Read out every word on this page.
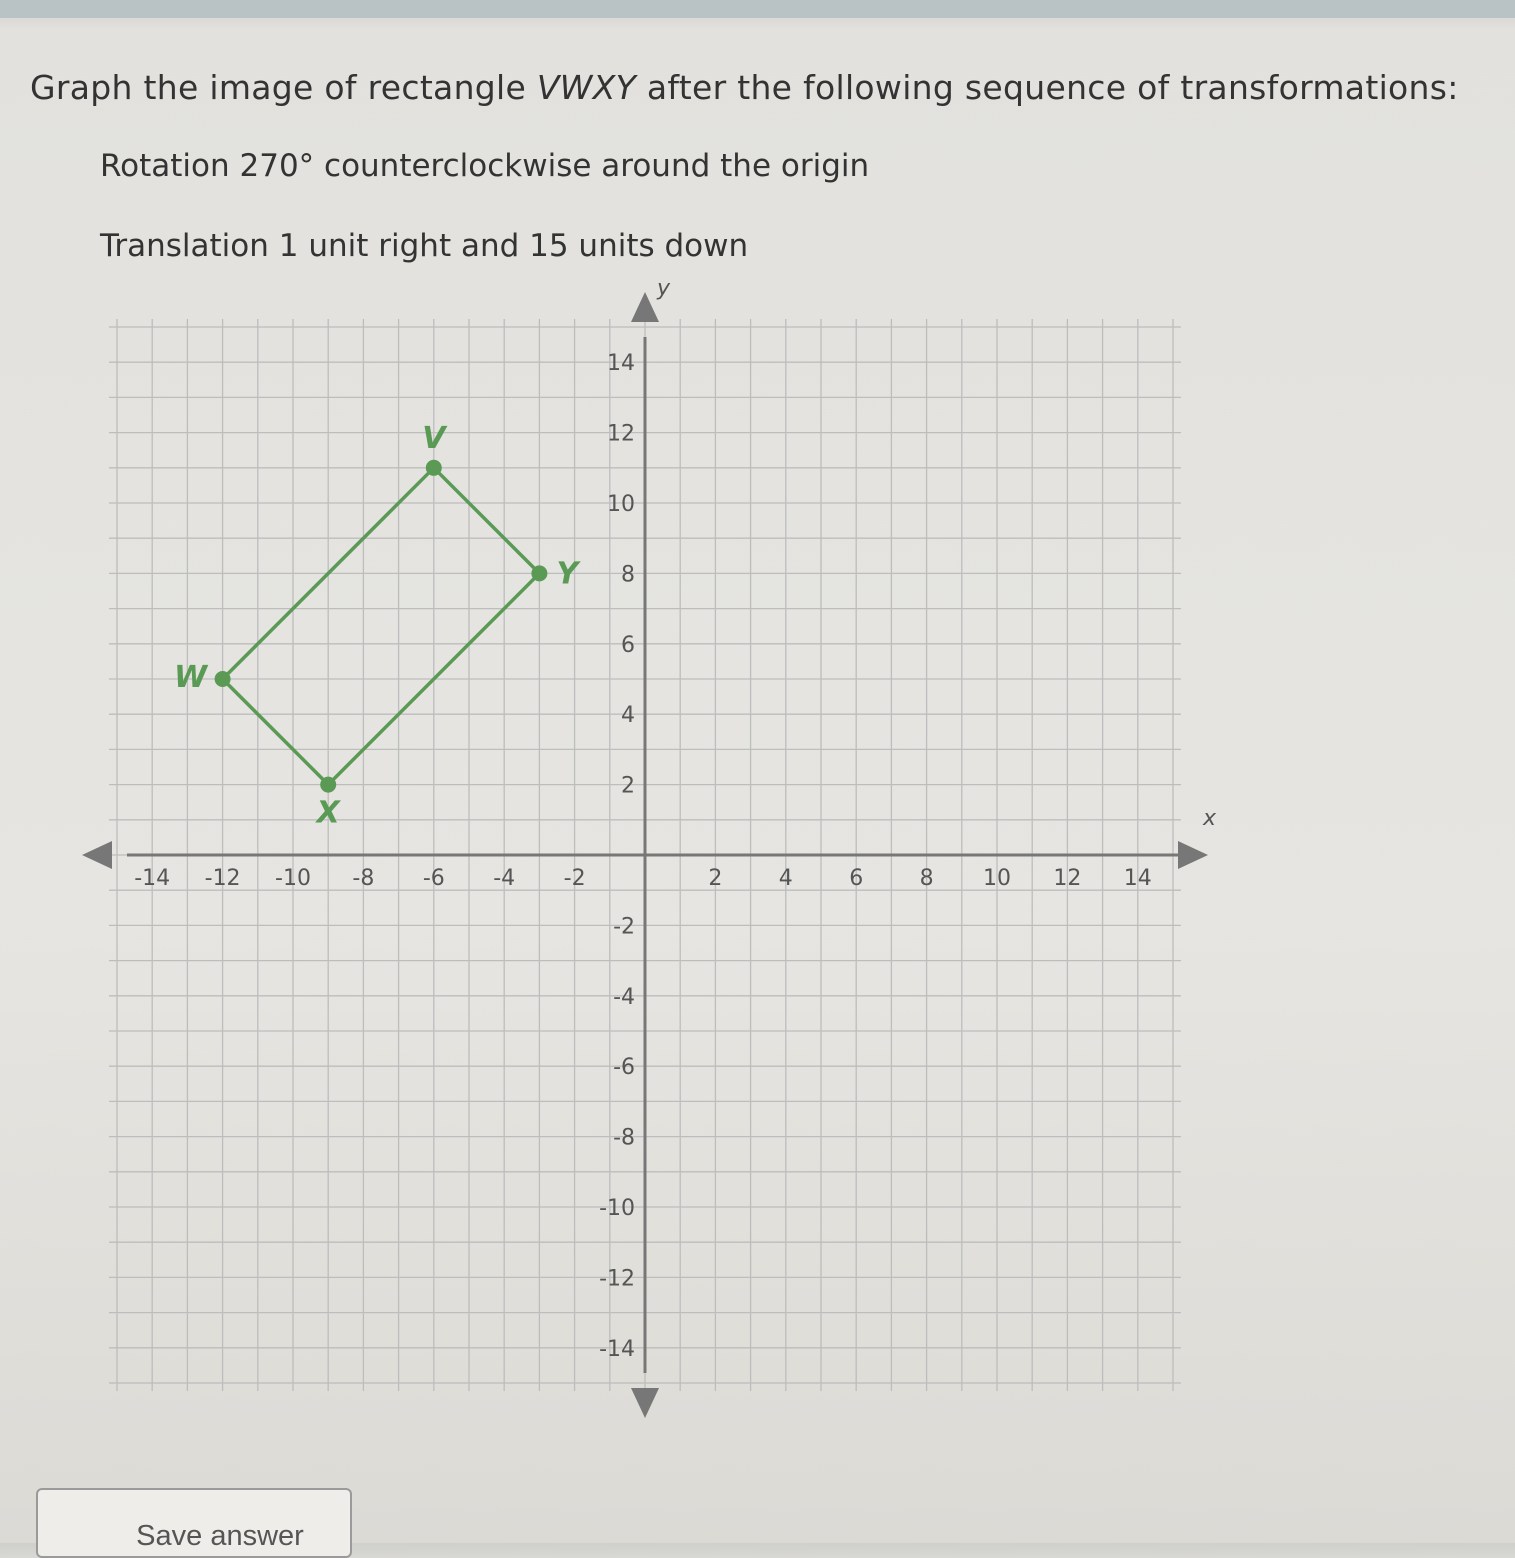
Graph the image of rectangle VWXY after the following sequence of transformations:
Rotation 270° counterclockwise around the origin
Translation 1 unit right and 15 units down
x
y
-14 -12 -10 -8 -6 -4 -2	2	4	6	8 10 12 14
-14
-12
-10
-8
-6
-4
-2
2
4
6
8
10
12
14
V
W
X
Y
Save answer
